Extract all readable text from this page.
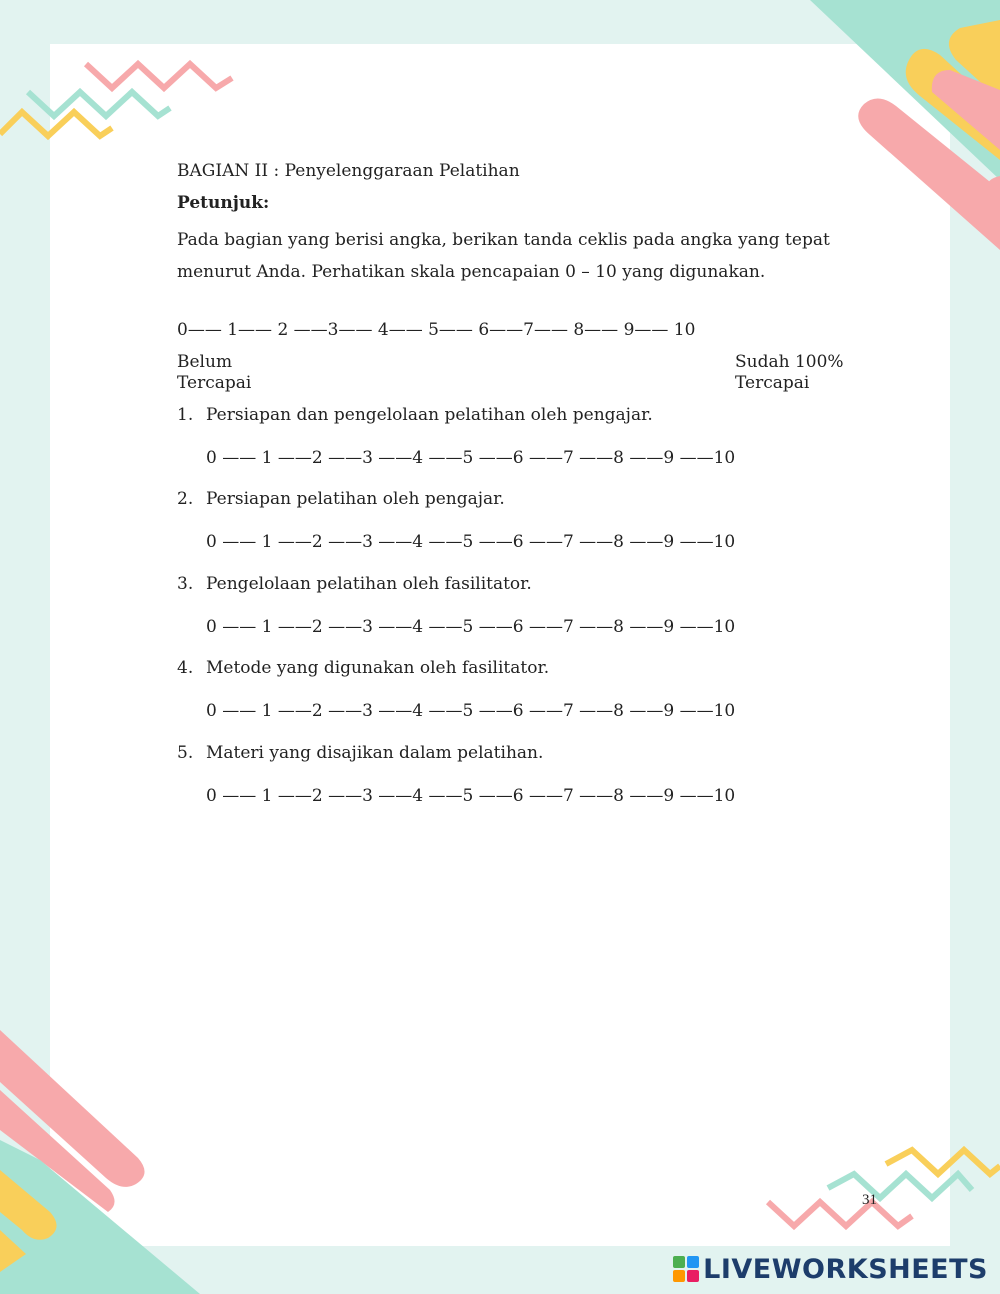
BAGIAN II : Penyelenggaraan Pelatihan
Petunjuk:
Pada bagian yang berisi angka, berikan tanda ceklis pada angka yang tepat
menurut Anda. Perhatikan skala pencapaian 0 – 10 yang digunakan.
0—— 1—— 2 ——3—— 4—— 5—— 6——7—— 8—— 9—— 10
Belum
Tercapai
Sudah 100%
Tercapai
1. Persiapan dan pengelolaan pelatihan oleh pengajar.
0 —— 1 ——2 ——3 ——4 ——5 ——6 ——7 ——8 ——9 ——10
2. Persiapan pelatihan oleh pengajar.
0 —— 1 ——2 ——3 ——4 ——5 ——6 ——7 ——8 ——9 ——10
3. Pengelolaan pelatihan oleh fasilitator.
0 —— 1 ——2 ——3 ——4 ——5 ——6 ——7 ——8 ——9 ——10
4. Metode yang digunakan oleh fasilitator.
0 —— 1 ——2 ——3 ——4 ——5 ——6 ——7 ——8 ——9 ——10
5. Materi yang disajikan dalam pelatihan.
0 —— 1 ——2 ——3 ——4 ——5 ——6 ——7 ——8 ——9 ——10
31
LIVEWORKSHEETS
